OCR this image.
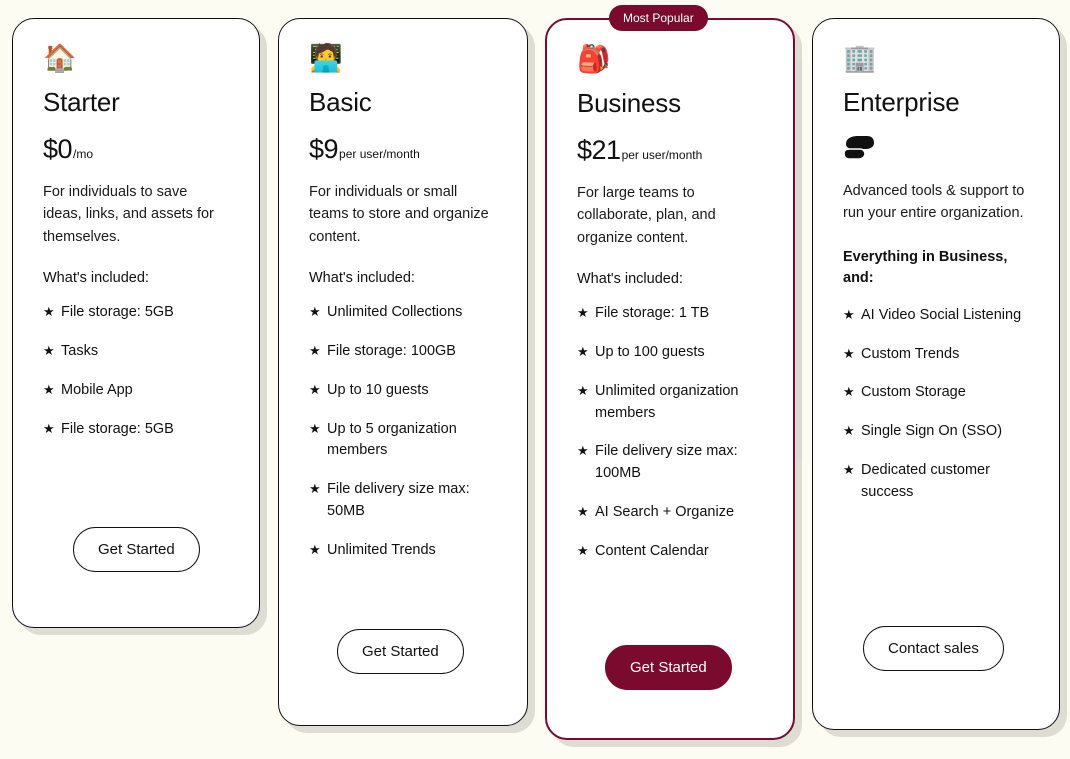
Most Popular
🏠
Starter
$0 /mo

For individuals to save ideas, links, and assets for themselves.

What's included:

★ File storage: 5GB
★ Tasks
★ Mobile App
★ File storage: 5GB
Get Started
🧑‍💻
Basic
$9 per user/month

For individuals or small teams to store and organize content.

What's included:

★ Unlimited Collections
★ File storage: 100GB
★ Up to 10 guests
★ Up to 5 organization members
★ File delivery size max: 50MB
★ Unlimited Trends
Get Started
🎒
Business
$21 per user/month

For large teams to collaborate, plan, and organize content.

What's included:

★ File storage: 1 TB
★ Up to 100 guests
★ Unlimited organization members
★ File delivery size max: 100MB
★ AI Search + Organize
★ Content Calendar
Get Started
🏢
Enterprise

Advanced tools & support to run your entire organization.

Everything in Business, and:

★ AI Video Social Listening
★ Custom Trends
★ Custom Storage
★ Single Sign On (SSO)
★ Dedicated customer success
Contact sales
